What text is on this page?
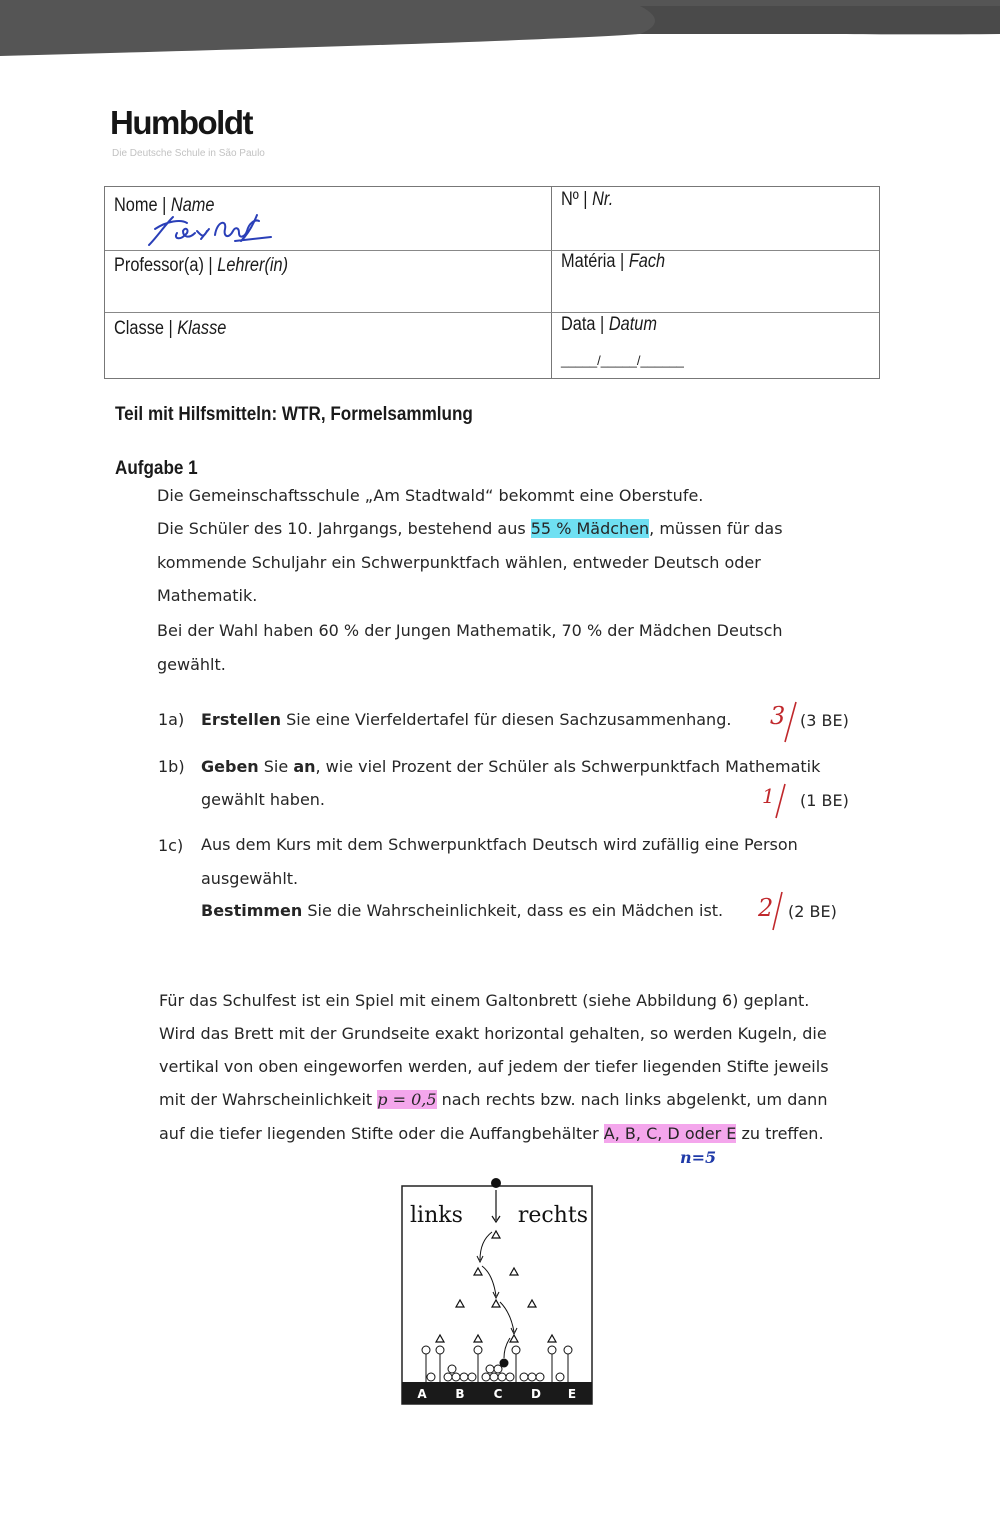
Humboldt
Die Deutsche Schule in São Paulo
Nome | Name	Nº | Nr.
Professor(a) | Lehrer(in)	Matéria | Fach
Classe | Klasse	Data | Datum
_____/_____/______
Teil mit Hilfsmitteln: WTR, Formelsammlung
Aufgabe 1
Die Gemeinschaftsschule „Am Stadtwald“ bekommt eine Oberstufe.
Die Schüler des 10. Jahrgangs, bestehend aus 55 % Mädchen, müssen für das
kommende Schuljahr ein Schwerpunktfach wählen, entweder Deutsch oder
Mathematik.
Bei der Wahl haben 60 % der Jungen Mathematik, 70 % der Mädchen Deutsch
gewählt.
1a) Erstellen Sie eine Vierfeldertafel für diesen Sachzusammenhang. 3 (3 BE)
1b) Geben Sie an, wie viel Prozent der Schüler als Schwerpunktfach Mathematik
gewählt haben.	1 (1 BE)
1c) Aus dem Kurs mit dem Schwerpunktfach Deutsch wird zufällig eine Person
ausgewählt.
Bestimmen Sie die Wahrscheinlichkeit, dass es ein Mädchen ist. 2 (2 BE)
Für das Schulfest ist ein Spiel mit einem Galtonbrett (siehe Abbildung 6) geplant.
Wird das Brett mit der Grundseite exakt horizontal gehalten, so werden Kugeln, die
vertikal von oben eingeworfen werden, auf jedem der tiefer liegenden Stifte jeweils
mit der Wahrscheinlichkeit p = 0,5 nach rechts bzw. nach links abgelenkt, um dann
auf die tiefer liegenden Stifte oder die Auffangbehälter A, B, C, D oder E zu treffen.
n=5
links rechts
A B C D E
